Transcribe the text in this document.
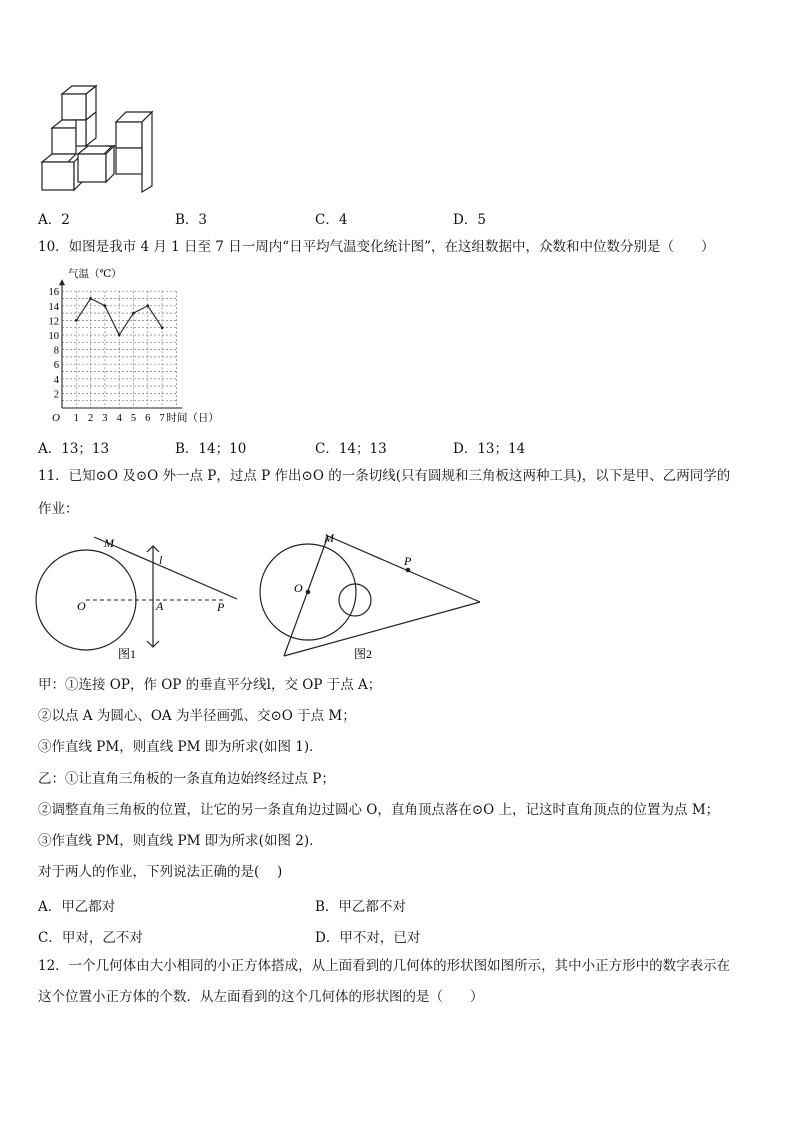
A．2	B．3	C．4	D．5
10．如图是我市 4 月 1 日至 7 日一周内“日平均气温变化统计图”，在这组数据中，众数和中位数分别是（　　）
2
4
6
8
10
12
14
16
1 2 3 4 5 6 7
O
气温（℃）
时间（日）
A．13；13	B．14；10	C．14；13	D．13；14
11．已知⊙O 及⊙O 外一点 P，过点 P 作出⊙O 的一条切线(只有圆规和三角板这两种工具)，以下是甲、乙两同学的
作业：
M
l
O	A	P
图1
M
P
O
图2
甲：①连接 OP，作 OP 的垂直平分线l，交 OP 于点 A；
②以点 A 为圆心、OA 为半径画弧、交⊙O 于点 M；
③作直线 PM，则直线 PM 即为所求(如图 1)．
乙：①让直角三角板的一条直角边始终经过点 P；
②调整直角三角板的位置，让它的另一条直角边过圆心 O，直角顶点落在⊙O 上，记这时直角顶点的位置为点 M；
③作直线 PM，则直线 PM 即为所求(如图 2)．
对于两人的作业，下列说法正确的是(　 )
A．甲乙都对	B．甲乙都不对
C．甲对，乙不对	D．甲不对，已对
12．一个几何体由大小相同的小正方体搭成，从上面看到的几何体的形状图如图所示，其中小正方形中的数字表示在
这个位置小正方体的个数．从左面看到的这个几何体的形状图的是（　　）
